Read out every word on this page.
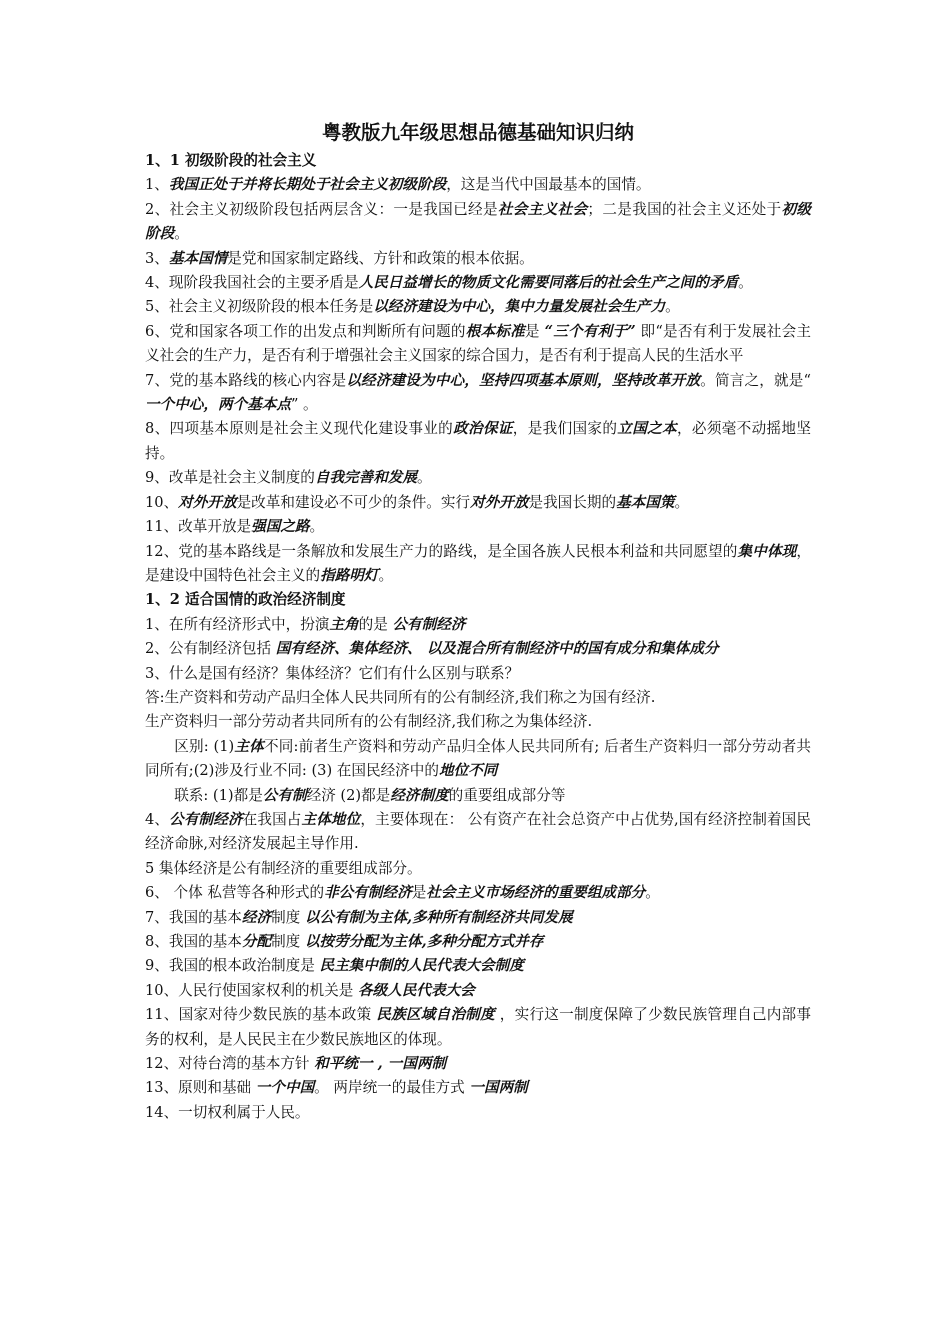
粤教版九年级思想品德基础知识归纳

1、1 初级阶段的社会主义

1、我国正处于并将长期处于社会主义初级阶段，这是当代中国最基本的国情。

2、社会主义初级阶段包括两层含义：一是我国已经是社会主义社会；二是我国的社会主义还处于初级阶段。

3、基本国情是党和国家制定路线、方针和政策的根本依据。

4、现阶段我国社会的主要矛盾是人民日益增长的物质文化需要同落后的社会生产之间的矛盾。

5、社会主义初级阶段的根本任务是以经济建设为中心，集中力量发展社会生产力。

6、党和国家各项工作的出发点和判断所有问题的根本标准是 “三个有利于” 即“是否有利于发展社会主义社会的生产力，是否有利于增强社会主义国家的综合国力，是否有利于提高人民的生活水平

7、党的基本路线的核心内容是以经济建设为中心，坚持四项基本原则，坚持改革开放。简言之，就是“ 一个中心，两个基本点” 。

8、四项基本原则是社会主义现代化建设事业的政治保证，是我们国家的立国之本，必须毫不动摇地坚持。

9、改革是社会主义制度的自我完善和发展。

10、对外开放是改革和建设必不可少的条件。实行对外开放是我国长期的基本国策。

11、改革开放是强国之路。

12、党的基本路线是一条解放和发展生产力的路线，是全国各族人民根本利益和共同愿望的集中体现，是建设中国特色社会主义的指路明灯。

1、2 适合国情的政治经济制度

1、在所有经济形式中，扮演主角的是 公有制经济

2、公有制经济包括 国有经济、集体经济、 以及混合所有制经济中的国有成分和集体成分

3、什么是国有经济？集体经济？它们有什么区别与联系？

答:生产资料和劳动产品归全体人民共同所有的公有制经济,我们称之为国有经济.

生产资料归一部分劳动者共同所有的公有制经济,我们称之为集体经济.

区别: (1)主体不同:前者生产资料和劳动产品归全体人民共同所有; 后者生产资料归一部分劳动者共同所有;(2)涉及行业不同: (3) 在国民经济中的地位不同

联系: (1)都是公有制经济 (2)都是经济制度的重要组成部分等

4、公有制经济在我国占主体地位，主要体现在： 公有资产在社会总资产中占优势,国有经济控制着国民经济命脉,对经济发展起主导作用.

5 集体经济是公有制经济的重要组成部分。

6、 个体 私营等各种形式的非公有制经济是社会主义市场经济的重要组成部分。

7、我国的基本经济制度 以公有制为主体,多种所有制经济共同发展

8、我国的基本分配制度 以按劳分配为主体,多种分配方式并存

9、我国的根本政治制度是 民主集中制的人民代表大会制度

10、人民行使国家权利的机关是 各级人民代表大会

11、国家对待少数民族的基本政策 民族区域自治制度 ，实行这一制度保障了少数民族管理自己内部事务的权利，是人民民主在少数民族地区的体现。

12、对待台湾的基本方针 和平统一 , 一国两制

13、原则和基础 一个中国。 两岸统一的最佳方式 一国两制

14、一切权利属于人民。
